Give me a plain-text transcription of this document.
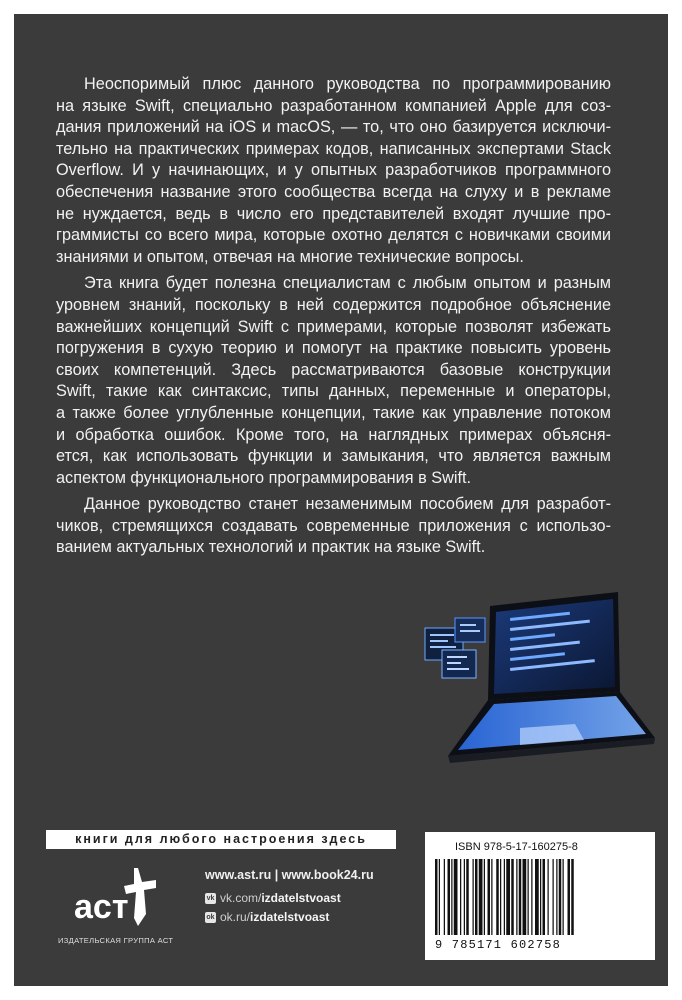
Неоспоримый плюс данного руководства по программированию
на языке Swift, специально разработанном компанией Apple для соз-
дания приложений на iOS и macOS, — то, что оно базируется исключи-
тельно на практических примерах кодов, написанных экспертами Stack
Overflow. И у начинающих, и у опытных разработчиков программного
обеспечения название этого сообщества всегда на слуху и в рекламе
не нуждается, ведь в число его представителей входят лучшие про-
граммисты со всего мира, которые охотно делятся с новичками своими
знаниями и опытом, отвечая на многие технические вопросы.
Эта книга будет полезна специалистам с любым опытом и разным
уровнем знаний, поскольку в ней содержится подробное объяснение
важнейших концепций Swift с примерами, которые позволят избежать
погружения в сухую теорию и помогут на практике повысить уровень
своих компетенций. Здесь рассматриваются базовые конструкции
Swift, такие как синтаксис, типы данных, переменные и операторы,
а также более углубленные концепции, такие как управление потоком
и обработка ошибок. Кроме того, на наглядных примерах объясня-
ется, как использовать функции и замыкания, что является важным
аспектом функционального программирования в Swift.
Данное руководство станет незаменимым пособием для разработ-
чиков, стремящихся создавать современные приложения с использо-
ванием актуальных технологий и практик на языке Swift.
книги для любого настроения здесь
аст
ИЗДАТЕЛЬСКАЯ ГРУППА АСТ
www.ast.ru | www.book24.ru
vk vk.com/ izdatelstvoast
ok ok.ru/ izdatelstvoast
ISBN 978-5-17-160275-8
9 785171 602758
